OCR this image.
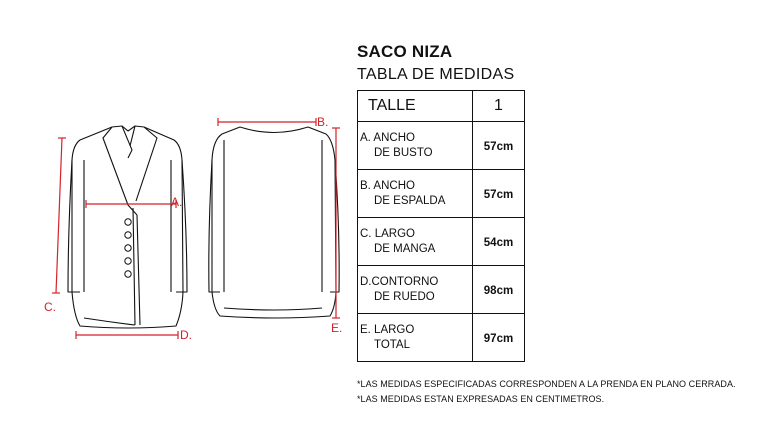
A.
B.
C.
D.	E.
SACO NIZA
TABLA DE MEDIDAS
TALLE	1

A. ANCHO
DE BUSTO	57cm

B. ANCHO
DE ESPALDA	57cm

C. LARGO
DE MANGA	54cm

D.CONTORNO
DE RUEDO	98cm

E. LARGO
TOTAL	97cm
*LAS MEDIDAS ESPECIFICADAS CORRESPONDEN A LA PRENDA EN PLANO CERRADA.
*LAS MEDIDAS ESTAN EXPRESADAS EN CENTIMETROS.
